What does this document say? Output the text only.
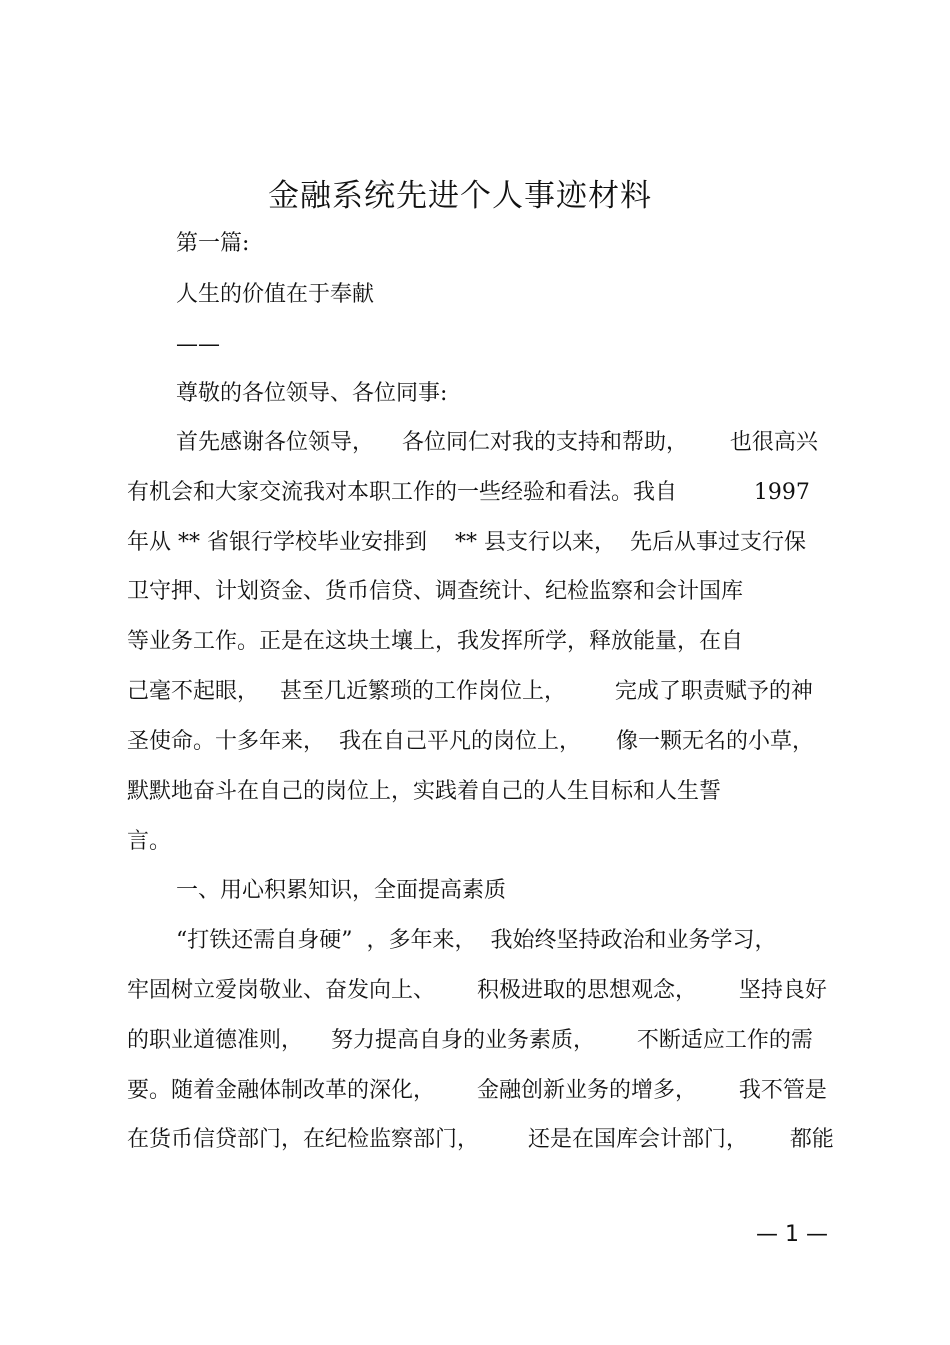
金融系统先进个人事迹材料
第一篇:
人生的价值在于奉献
——
尊敬的各位领导、各位同事:
首先感谢各位领导，    各位同仁对我的支持和帮助，      也很高兴
有机会和大家交流我对本职工作的一些经验和看法。我自           1997
年从 ** 省银行学校毕业安排到    ** 县支行以来，  先后从事过支行保
卫守押、计划资金、货币信贷、调查统计、纪检监察和会计国库
等业务工作。正是在这块土壤上，我发挥所学，释放能量，在自
己毫不起眼，   甚至几近繁琐的工作岗位上，       完成了职责赋予的神
圣使命。十多年来，  我在自己平凡的岗位上，     像一颗无名的小草，
默默地奋斗在自己的岗位上，实践着自己的人生目标和人生誓
言。
一、用心积累知识，全面提高素质
“打铁还需自身硬”  ，多年来，  我始终坚持政治和业务学习，
牢固树立爱岗敬业、奋发向上、      积极进取的思想观念，      坚持良好
的职业道德准则，    努力提高自身的业务素质，      不断适应工作的需
要。随着金融体制改革的深化，      金融创新业务的增多，      我不管是
在货币信贷部门，在纪检监察部门，       还是在国库会计部门，      都能
— 1 —
